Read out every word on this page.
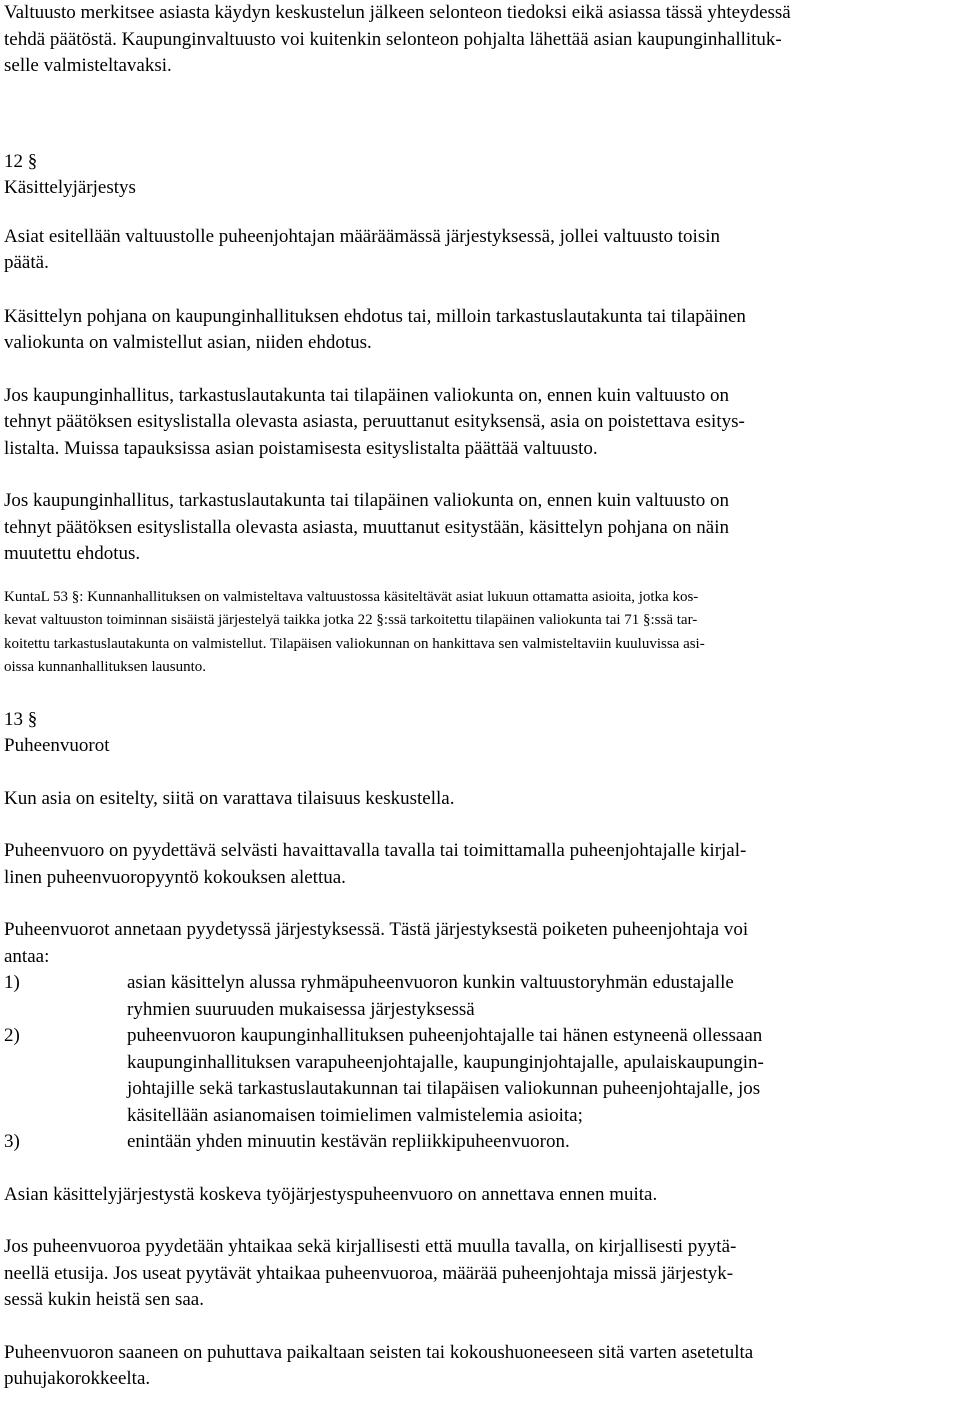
Valtuusto merkitsee asiasta käydyn keskustelun jälkeen selonteon tiedoksi eikä asiassa tässä yhteydessä
tehdä päätöstä. Kaupunginvaltuusto voi kuitenkin selonteon pohjalta lähettää asian kaupunginhallituk-
selle valmisteltavaksi.

12 §

Käsittelyjärjestys

Asiat esitellään valtuustolle puheenjohtajan määräämässä järjestyksessä, jollei valtuusto toisin
päätä.

Käsittelyn pohjana on kaupunginhallituksen ehdotus tai, milloin tarkastuslautakunta tai tilapäinen
valiokunta on valmistellut asian, niiden ehdotus.

Jos kaupunginhallitus, tarkastuslautakunta tai tilapäinen valiokunta on, ennen kuin valtuusto on
tehnyt päätöksen esityslistalla olevasta asiasta, peruuttanut esityksensä, asia on poistettava esitys-
listalta. Muissa tapauksissa asian poistamisesta esityslistalta päättää valtuusto.

Jos kaupunginhallitus, tarkastuslautakunta tai tilapäinen valiokunta on, ennen kuin valtuusto on
tehnyt päätöksen esityslistalla olevasta asiasta, muuttanut esitystään, käsittelyn pohjana on näin
muutettu ehdotus.

KuntaL 53 §: Kunnanhallituksen on valmisteltava valtuustossa käsiteltävät asiat lukuun ottamatta asioita, jotka kos-
kevat valtuuston toiminnan sisäistä järjestelyä taikka jotka 22 §:ssä tarkoitettu tilapäinen valiokunta tai 71 §:ssä tar-
koitettu tarkastuslautakunta on valmistellut. Tilapäisen valiokunnan on hankittava sen valmisteltaviin kuuluvissa asi-
oissa kunnanhallituksen lausunto.

13 §

Puheenvuorot

Kun asia on esitelty, siitä on varattava tilaisuus keskustella.

Puheenvuoro on pyydettävä selvästi havaittavalla tavalla tai toimittamalla puheenjohtajalle kirjal-
linen puheenvuoropyyntö kokouksen alettua.

Puheenvuorot annetaan pyydetyssä järjestyksessä. Tästä järjestyksestä poiketen puheenjohtaja voi
antaa:

1)	asian käsittelyn alussa ryhmäpuheenvuoron kunkin valtuustoryhmän edustajalle
ryhmien suuruuden mukaisessa järjestyksessä
2)	puheenvuoron kaupunginhallituksen puheenjohtajalle tai hänen estyneenä ollessaan
kaupunginhallituksen varapuheenjohtajalle, kaupunginjohtajalle, apulaiskaupungin-
johtajille sekä tarkastuslautakunnan tai tilapäisen valiokunnan puheenjohtajalle, jos
käsitellään asianomaisen toimielimen valmistelemia asioita;
3)	enintään yhden minuutin kestävän repliikkipuheenvuoron.

Asian käsittelyjärjestystä koskeva työjärjestyspuheenvuoro on annettava ennen muita.

Jos puheenvuoroa pyydetään yhtaikaa sekä kirjallisesti että muulla tavalla, on kirjallisesti pyytä-
neellä etusija. Jos useat pyytävät yhtaikaa puheenvuoroa, määrää puheenjohtaja missä järjestyk-
sessä kukin heistä sen saa.

Puheenvuoron saaneen on puhuttava paikaltaan seisten tai kokoushuoneeseen sitä varten asetetulta
puhujakorokkeelta.
